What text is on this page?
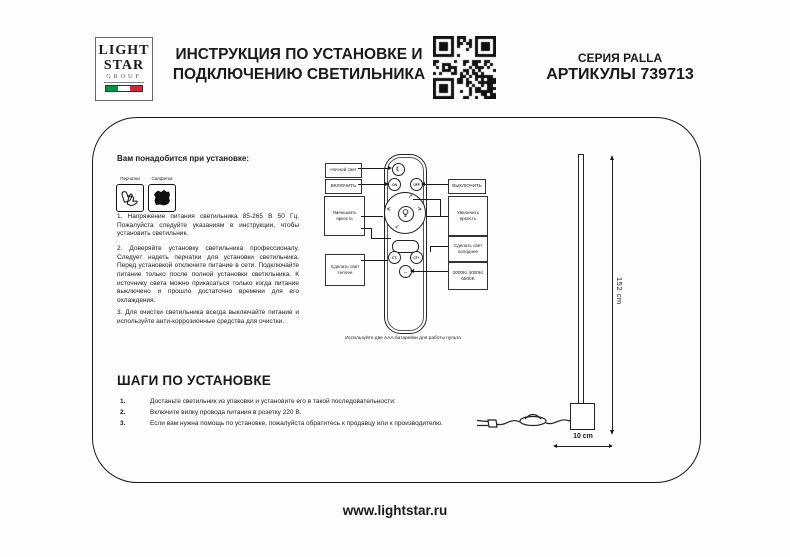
LIGHT
STAR
GROUP
ИНСТРУКЦИЯ ПО УСТАНОВКЕ И
ПОДКЛЮЧЕНИЮ СВЕТИЛЬНИКА
СЕРИЯ PALLA
АРТИКУЛЫ 739713
Вам понадобится при установке:
Перчатки	Салфетка
1. Напряжение питания светильника 85-265 В 50 Гц. Пожалуйста следуйте указаниям в инструкции, чтобы установить светильник.
2. Доверяйте установку светильника профессионалу. Следует надеть перчатки для установки светильника. Перед установкой отключите питание в сети. Подключайте питание только после полной установки светильника. К источнику света можно прикасаться только когда питание выключено и прошло достаточно времени для его охлаждения.
3. Для очистки светильника всегда выключайте питание и используйте анти-коррозионные средства для очистки.
☾
ON	OFF
<	>
↗
↙
CT-	CT+
—
Ночной свет
ВКЛЮЧИТЬ
Уменьшить яркость
Сделать свет теплее
ВЫКЛЮЧИТЬ
Увеличить яркость
Сделать свет холоднее
3000K/ 4000K/ 6500K
Используйте две ААА батарейки для работы пульта
152 cm
10 cm
ШАГИ ПО УСТАНОВКЕ
1.	Достаньте светильник из упаковки и установите его в такой последовательности:
2.	Включите вилку провода питания в розетку 220 В.
3.	Если вам нужна помощь по установке, пожалуйста обратитесь к продавцу или к производителю.
www.lightstar.ru
